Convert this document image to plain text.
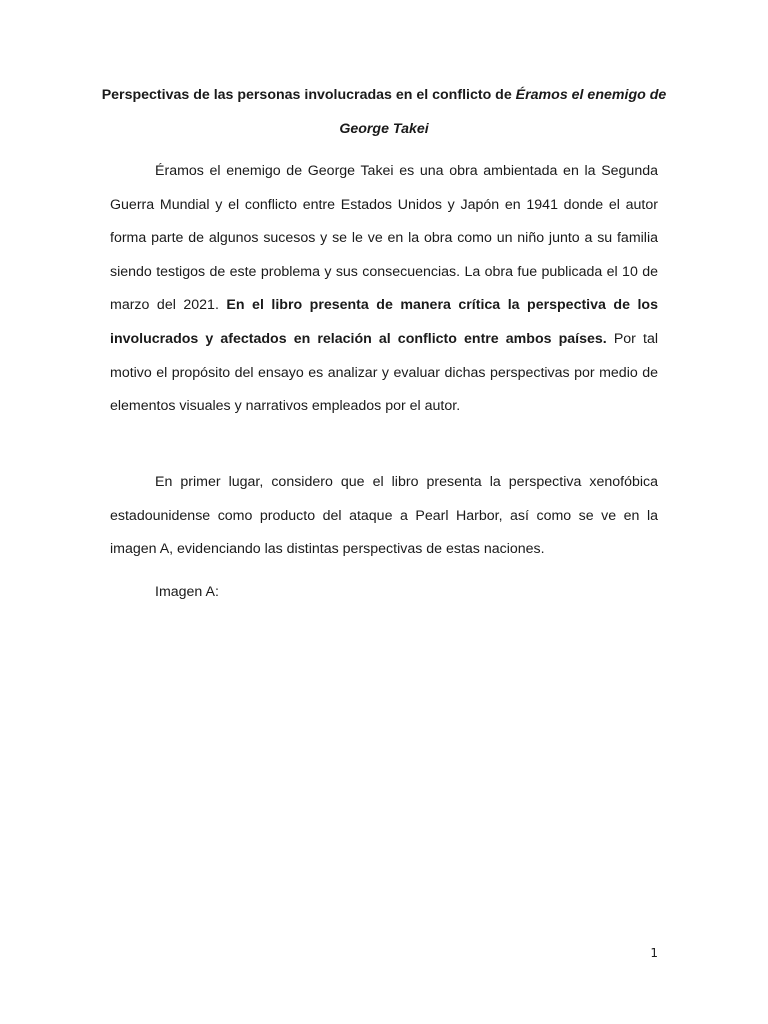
Perspectivas de las personas involucradas en el conflicto de Éramos el enemigo de George Takei

Éramos el enemigo de George Takei es una obra ambientada en la Segunda Guerra Mundial y el conflicto entre Estados Unidos y Japón en 1941 donde el autor forma parte de algunos sucesos y se le ve en la obra como un niño junto a su familia siendo testigos de este problema y sus consecuencias. La obra fue publicada el 10 de marzo del 2021. En el libro presenta de manera crítica la perspectiva de los involucrados y afectados en relación al conflicto entre ambos países. Por tal motivo el propósito del ensayo es analizar y evaluar dichas perspectivas por medio de elementos visuales y narrativos empleados por el autor.

En primer lugar, considero que el libro presenta la perspectiva xenofóbica estadounidense como producto del ataque a Pearl Harbor, así como se ve en la imagen A, evidenciando las distintas perspectivas de estas naciones.

Imagen A:

1
